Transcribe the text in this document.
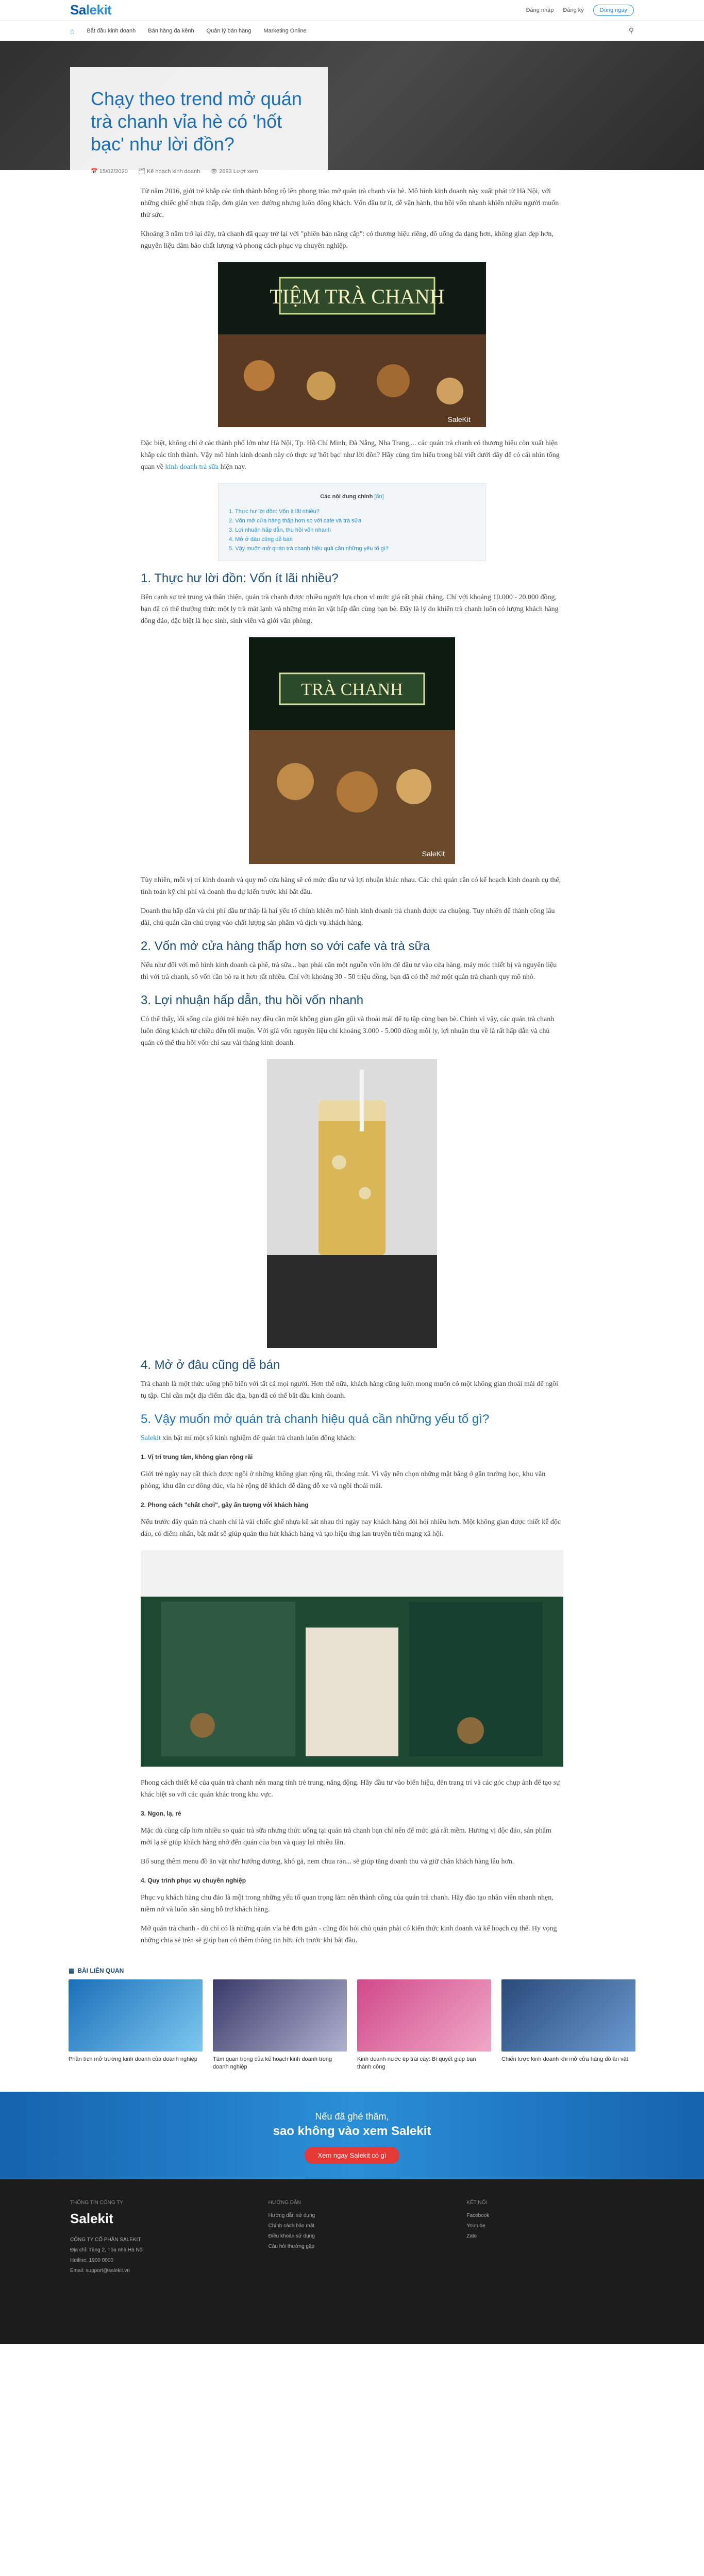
Salekit	Đăng nhập Đăng ký	Dùng ngay
⌂ Bắt đầu kinh doanh Bán hàng đa kênh Quản lý bán hàng Marketing Online	⚲
Chạy theo trend mở quán trà chanh vỉa hè có 'hốt bạc' như lời đồn?
📅 15/02/2020 🗂 Kế hoạch kinh doanh 👁 2693 Lượt xem

Từ năm 2016, giới trẻ khắp các tỉnh thành bỗng rộ lên phong trào mở quán trà chanh vỉa hè. Mô hình kinh doanh này xuất phát từ Hà Nội, với những chiếc ghế nhựa thấp, đơn giản ven đường nhưng luôn đông khách. Vốn đầu tư ít, dễ vận hành, thu hồi vốn nhanh khiến nhiều người muốn thử sức.

Khoảng 3 năm trở lại đây, trà chanh đã quay trở lại với "phiên bản nâng cấp": có thương hiệu riêng, đồ uống đa dạng hơn, không gian đẹp hơn, nguyên liệu đảm bảo chất lượng và phong cách phục vụ chuyên nghiệp.

TIỆM TRÀ CHANH
SaleKit

Đặc biệt, không chỉ ở các thành phố lớn như Hà Nội, Tp. Hồ Chí Minh, Đà Nẵng, Nha Trang,... các quán trà chanh có thương hiệu còn xuất hiện khắp các tỉnh thành. Vậy mô hình kinh doanh này có thực sự 'hốt bạc' như lời đồn? Hãy cùng tìm hiểu trong bài viết dưới đây để có cái nhìn tổng quan về kinh doanh trà sữa hiện nay.

Các nội dung chính [ẩn]
1. Thực hư lời đồn: Vốn ít lãi nhiều?
2. Vốn mở cửa hàng thấp hơn so với cafe và trà sữa
3. Lợi nhuận hấp dẫn, thu hồi vốn nhanh
4. Mở ở đâu cũng dễ bán
5. Vậy muốn mở quán trà chanh hiệu quả cần những yếu tố gì?
1. Thực hư lời đồn: Vốn ít lãi nhiều?

Bên cạnh sự trẻ trung và thân thiện, quán trà chanh được nhiều người lựa chọn vì mức giá rất phải chăng. Chỉ với khoảng 10.000 - 20.000 đồng, bạn đã có thể thưởng thức một ly trà mát lạnh và những món ăn vặt hấp dẫn cùng bạn bè. Đây là lý do khiến trà chanh luôn có lượng khách hàng đông đảo, đặc biệt là học sinh, sinh viên và giới văn phòng.

TRÀ CHANH
SaleKit

Tùy nhiên, mỗi vị trí kinh doanh và quy mô cửa hàng sẽ có mức đầu tư và lợi nhuận khác nhau. Các chủ quán cần có kế hoạch kinh doanh cụ thể, tính toán kỹ chi phí và doanh thu dự kiến trước khi bắt đầu.

Doanh thu hấp dẫn và chi phí đầu tư thấp là hai yếu tố chính khiến mô hình kinh doanh trà chanh được ưa chuộng. Tuy nhiên để thành công lâu dài, chủ quán cần chú trọng vào chất lượng sản phẩm và dịch vụ khách hàng.

2. Vốn mở cửa hàng thấp hơn so với cafe và trà sữa

Nếu như đối với mô hình kinh doanh cà phê, trà sữa... bạn phải cần một nguồn vốn lớn để đầu tư vào cửa hàng, máy móc thiết bị và nguyên liệu thì với trà chanh, số vốn cần bỏ ra ít hơn rất nhiều. Chỉ với khoảng 30 - 50 triệu đồng, bạn đã có thể mở một quán trà chanh quy mô nhỏ.

3. Lợi nhuận hấp dẫn, thu hồi vốn nhanh

Có thể thấy, lối sống của giới trẻ hiện nay đều cần một không gian gần gũi và thoải mái để tụ tập cùng bạn bè. Chính vì vậy, các quán trà chanh luôn đông khách từ chiều đến tối muộn. Với giá vốn nguyên liệu chỉ khoảng 3.000 - 5.000 đồng mỗi ly, lợi nhuận thu về là rất hấp dẫn và chủ quán có thể thu hồi vốn chỉ sau vài tháng kinh doanh.

4. Mở ở đâu cũng dễ bán

Trà chanh là một thức uống phổ biến với tất cả mọi người. Hơn thế nữa, khách hàng cũng luôn mong muốn có một không gian thoải mái để ngồi tụ tập. Chỉ cần một địa điểm đắc địa, bạn đã có thể bắt đầu kinh doanh.

5. Vậy muốn mở quán trà chanh hiệu quả cần những yếu tố gì?

Salekit xin bật mí một số kinh nghiệm để quán trà chanh luôn đông khách:

1. Vị trí trung tâm, không gian rộng rãi

Giới trẻ ngày nay rất thích được ngồi ở những không gian rộng rãi, thoáng mát. Vì vậy nên chọn những mặt bằng ở gần trường học, khu văn phòng, khu dân cư đông đúc, vỉa hè rộng để khách dễ dàng đỗ xe và ngồi thoải mái.

2. Phong cách "chất chơi", gây ấn tượng với khách hàng

Nếu trước đây quán trà chanh chỉ là vài chiếc ghế nhựa kê sát nhau thì ngày nay khách hàng đòi hỏi nhiều hơn. Một không gian được thiết kế độc đáo, có điểm nhấn, bắt mắt sẽ giúp quán thu hút khách hàng và tạo hiệu ứng lan truyền trên mạng xã hội.

Phong cách thiết kế của quán trà chanh nên mang tính trẻ trung, năng động. Hãy đầu tư vào biển hiệu, đèn trang trí và các góc chụp ảnh để tạo sự khác biệt so với các quán khác trong khu vực.

3. Ngon, lạ, rẻ

Mặc dù cùng cấp hơn nhiều so quán trà sữa nhưng thức uống tại quán trà chanh bạn chỉ nên để mức giá rất mềm. Hương vị độc đáo, sản phẩm mới lạ sẽ giúp khách hàng nhớ đến quán của bạn và quay lại nhiều lần.

Bổ sung thêm menu đồ ăn vặt như hướng dương, khô gà, nem chua rán... sẽ giúp tăng doanh thu và giữ chân khách hàng lâu hơn.

4. Quy trình phục vụ chuyên nghiệp

Phục vụ khách hàng chu đáo là một trong những yếu tố quan trọng làm nên thành công của quán trà chanh. Hãy đào tạo nhân viên nhanh nhẹn, niềm nở và luôn sẵn sàng hỗ trợ khách hàng.

Mở quán trà chanh - dù chỉ có là những quán vỉa hè đơn giản - cũng đòi hỏi chủ quán phải có kiến thức kinh doanh và kế hoạch cụ thể. Hy vọng những chia sẻ trên sẽ giúp bạn có thêm thông tin hữu ích trước khi bắt đầu.

▦ BÀI LIÊN QUAN
Phần tích mở trường kinh doanh của doanh nghiệp	Tâm quan trọng của kế hoạch kinh doanh trong doanh nghiệp
Kinh doanh nước ép trái cây: Bí quyết giúp bạn thành công
Chiến lược kinh doanh khi mở cửa hàng đồ ăn vặt
Nếu đã ghé thăm,
sao không vào xem Salekit
Xem ngay Salekit có gì
THÔNG TIN CÔNG TY
Salekit
CÔNG TY CỔ PHẦN SALEKIT
Địa chỉ: Tầng 2, Tòa nhà Hà Nội
Hotline: 1900 0000
Email: support@salekit.vn
HƯỚNG DẪN
Hướng dẫn sử dụng
Chính sách bảo mật
Điều khoản sử dụng
Câu hỏi thường gặp
KẾT NỐI
Facebook
Youtube
Zalo
